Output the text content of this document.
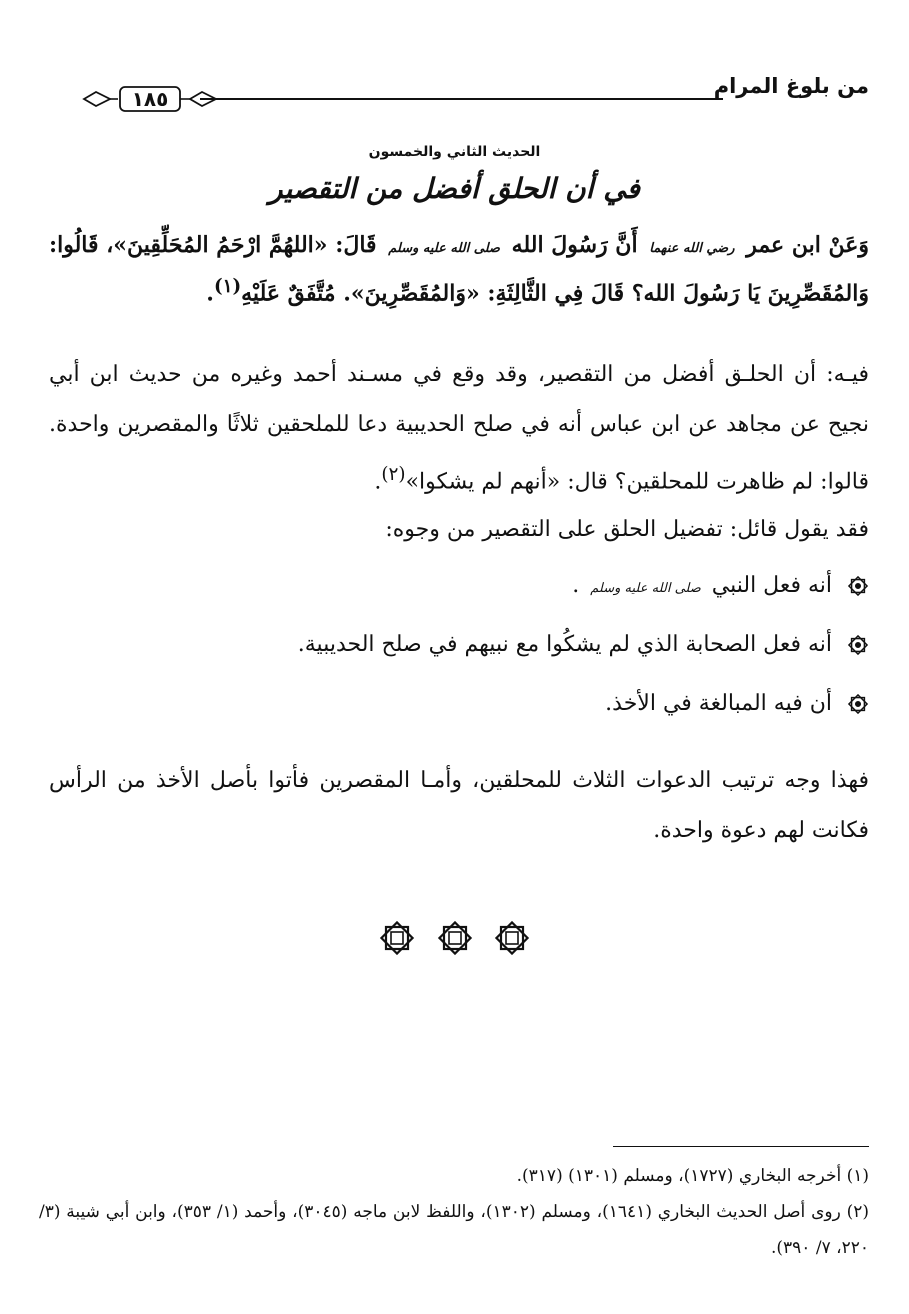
من بلوغ المرام
١٨٥
الحديث الثاني والخمسون
في أن الحلق أفضل من التقصير
وَعَنْ ابن عمر رضي الله عنهما أَنَّ رَسُولَ الله صلى الله عليه وسلم قَالَ: «اللهُمَّ ارْحَمُ المُحَلِّقِينَ»، قَالُوا: وَالمُقَصِّرِينَ يَا رَسُولَ الله؟ قَالَ فِي الثَّالِثَةِ: «وَالمُقَصِّرِينَ». مُتَّفَقٌ عَلَيْهِ$^{(١)}$.
فيـه: أن الحلـق أفضل من التقصير، وقد وقع في مسـند أحمد وغيره من حديث ابن أبي نجيح عن مجاهد عن ابن عباس أنه في صلح الحديبية دعا للملحقين ثلاثًا والمقصرين واحدة. قالوا: لم ظاهرت للمحلقين؟ قال: «أنهم لم يشكوا»$^{(٢)}$.
فقد يقول قائل: تفضيل الحلق على التقصير من وجوه:
أنه فعل النبي صلى الله عليه وسلم .
أنه فعل الصحابة الذي لم يشكُوا مع نبيهم في صلح الحديبية.
أن فيه المبالغة في الأخذ.
فهذا وجه ترتيب الدعوات الثلاث للمحلقين، وأمـا المقصرين فأتوا بأصل الأخذ من الرأس فكانت لهم دعوة واحدة.

(١) أخرجه البخاري (١٧٢٧)، ومسلم (١٣٠١) (٣١٧).

(٢) روى أصل الحديث البخاري (١٦٤١)، ومسلم (١٣٠٢)، واللفظ لابن ماجه (٣٠٤٥)، وأحمد (١/ ٣٥٣)، وابن أبي شيبة (٣/ ٢٢٠، ٧/ ٣٩٠).
